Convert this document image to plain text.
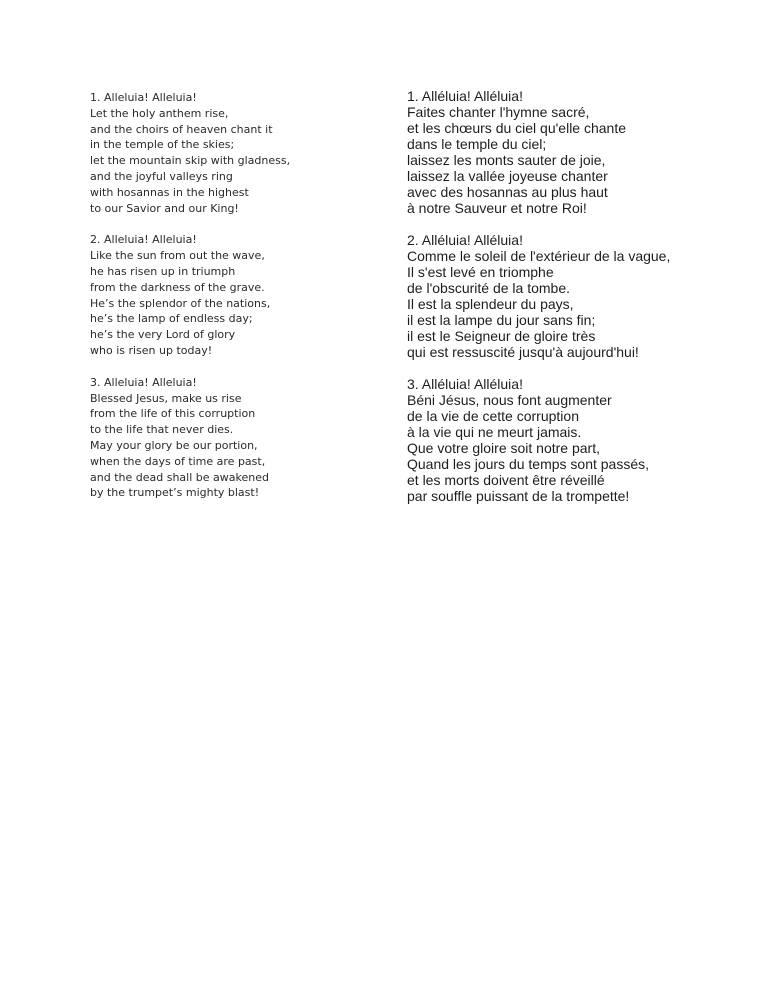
1. Alleluia! Alleluia!
Let the holy anthem rise,
and the choirs of heaven chant it
in the temple of the skies;
let the mountain skip with gladness,
and the joyful valleys ring
with hosannas in the highest
to our Savior and our King!
2. Alleluia! Alleluia!
Like the sun from out the wave,
he has risen up in triumph
from the darkness of the grave.
He’s the splendor of the nations,
he’s the lamp of endless day;
he’s the very Lord of glory
who is risen up today!
3. Alleluia! Alleluia!
Blessed Jesus, make us rise
from the life of this corruption
to the life that never dies.
May your glory be our portion,
when the days of time are past,
and the dead shall be awakened
by the trumpet’s mighty blast!
1. Alléluia! Alléluia!
Faites chanter l'hymne sacré,
et les chœurs du ciel qu'elle chante
dans le temple du ciel;
laissez les monts sauter de joie,
laissez la vallée joyeuse chanter
avec des hosannas au plus haut
à notre Sauveur et notre Roi!
2. Alléluia! Alléluia!
Comme le soleil de l'extérieur de la vague,
Il s'est levé en triomphe
de l'obscurité de la tombe.
Il est la splendeur du pays,
il est la lampe du jour sans fin;
il est le Seigneur de gloire très
qui est ressuscité jusqu'à aujourd'hui!
3. Alléluia! Alléluia!
Béni Jésus, nous font augmenter
de la vie de cette corruption
à la vie qui ne meurt jamais.
Que votre gloire soit notre part,
Quand les jours du temps sont passés,
et les morts doivent être réveillé
par souffle puissant de la trompette!
